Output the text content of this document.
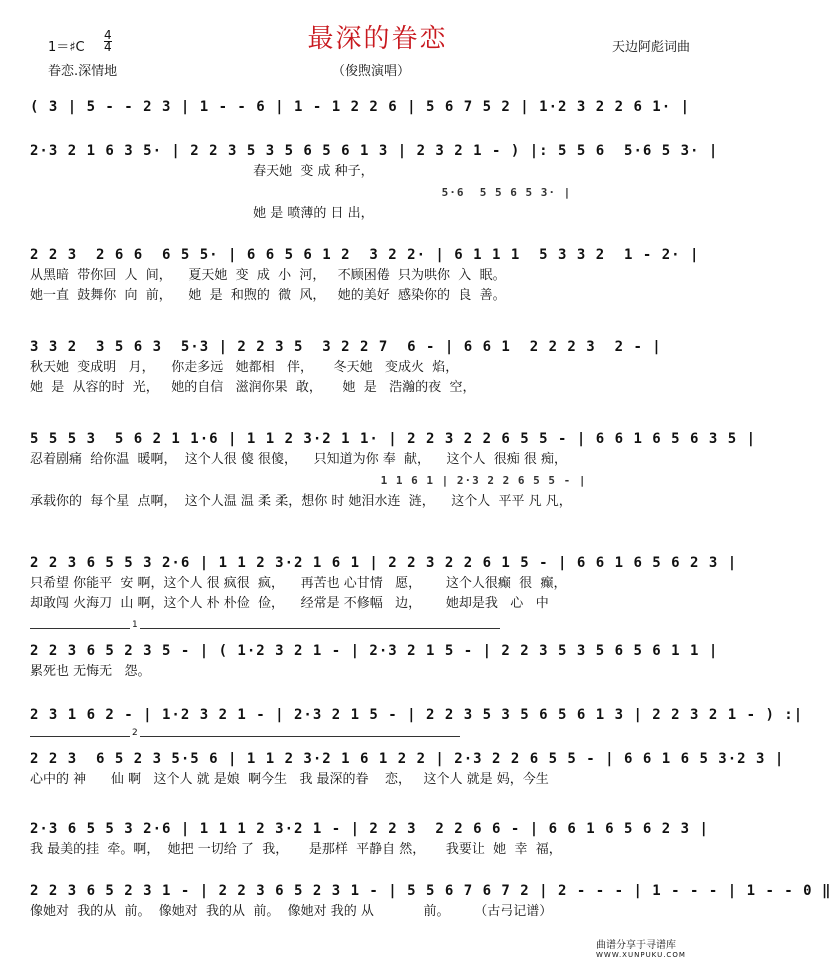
最深的眷恋
1＝♯C
4
4
眷恋.深情地	（俊煦演唱）
天边阿彪词曲
( 3 | 5 - - 2 3 | 1 - - 6 | 1 - 1 2 2 6 | 5 6 7 5 2 | 1·2 3 2 2 6 1· |
2·3 2 1 6 3 5· | 2 2 3 5 3 5 6 5 6 1 3 | 2 3 2 1 - ) |: 5 5 6  5·6 5 3· |
春天她  变 成 种子，
5·6  5 5 6 5 3· |
她 是 喷薄的 日 出，
2 2 3  2 6 6  6 5 5· | 6 6 5 6 1 2  3 2 2· | 6 1 1 1  5 3 3 2  1 - 2· |
从黑暗  带你回  人  间，    夏天她  变  成  小  河，   不顾困倦  只为哄你  入  眠。
她一直  鼓舞你  向  前，    她  是  和煦的  微  风，   她的美好  感染你的  良  善。
3 3 2  3 5 6 3  5·3 | 2 2 3 5  3 2 2 7  6 - | 6 6 1  2 2 2 3  2 - |
秋天她  变成明   月，    你走多远   她都相   伴，     冬天她   变成火  焰，
她  是  从容的时  光，   她的自信   滋润你果  敢，     她  是   浩瀚的夜  空，
5 5 5 3  5 6 2 1 1·6 | 1 1 2 3·2 1 1· | 2 2 3 2 2 6 5 5 - | 6 6 1 6 5 6 3 5 |
忍着剧痛  给你温  暖啊，  这个人很 傻 很傻，    只知道为你 奉  献，    这个人  很痴 很 痴，
1 1 6 1 | 2·3 2 2 6 5 5 - |
承载你的  每个星  点啊，  这个人温 温 柔 柔，想你 时 她泪水连  涟，    这个人  平平 凡 凡，
2 2 3 6 5 5 3 2·6 | 1 1 2 3·2 1 6 1 | 2 2 3 2 2 6 1 5 - | 6 6 1 6 5 6 2 3 |
只希望 你能平  安 啊，这个人 很 疯很  疯，    再苦也 心甘情   愿，      这个人很癫  很  癫，
却敢闯 火海刀  山 啊，这个人 朴 朴俭  俭，    经常是 不修幅   边，      她却是我   心   中
1
2 2 3 6 5 2 3 5 - | ( 1·2 3 2 1 - | 2·3 2 1 5 - | 2 2 3 5 3 5 6 5 6 1 1 |
累死也 无悔无   怨。
2 3 1 6 2 - | 1·2 3 2 1 - | 2·3 2 1 5 - | 2 2 3 5 3 5 6 5 6 1 3 | 2 2 3 2 1 - ) :|
2
2 2 3  6 5 2 3 5·5 6 | 1 1 2 3·2 1 6 1 2 2 | 2·3 2 2 6 5 5 - | 6 6 1 6 5 3·2 3 |
心中的 神      仙 啊   这个人 就 是娘  啊今生   我 最深的眷    恋，   这个人 就是 妈，今生
2·3 6 5 5 3 2·6 | 1 1 1 2 3·2 1 - | 2 2 3  2 2 6 6 - | 6 6 1 6 5 6 2 3 |
我 最美的挂  牵。啊，  她把 一切给 了  我，     是那样  平静自 然，     我要让  她  幸  福，
2 2 3 6 5 2 3 1 - | 2 2 3 6 5 2 3 1 - | 5 5 6 7 6 7 2 | 2 - - - | 1 - - - | 1 - - 0 ‖
像她对  我的从  前。  像她对  我的从  前。  像她对 我的 从            前。      （古弓记谱）
曲谱分享于寻谱库
WWW.XUNPUKU.COM
